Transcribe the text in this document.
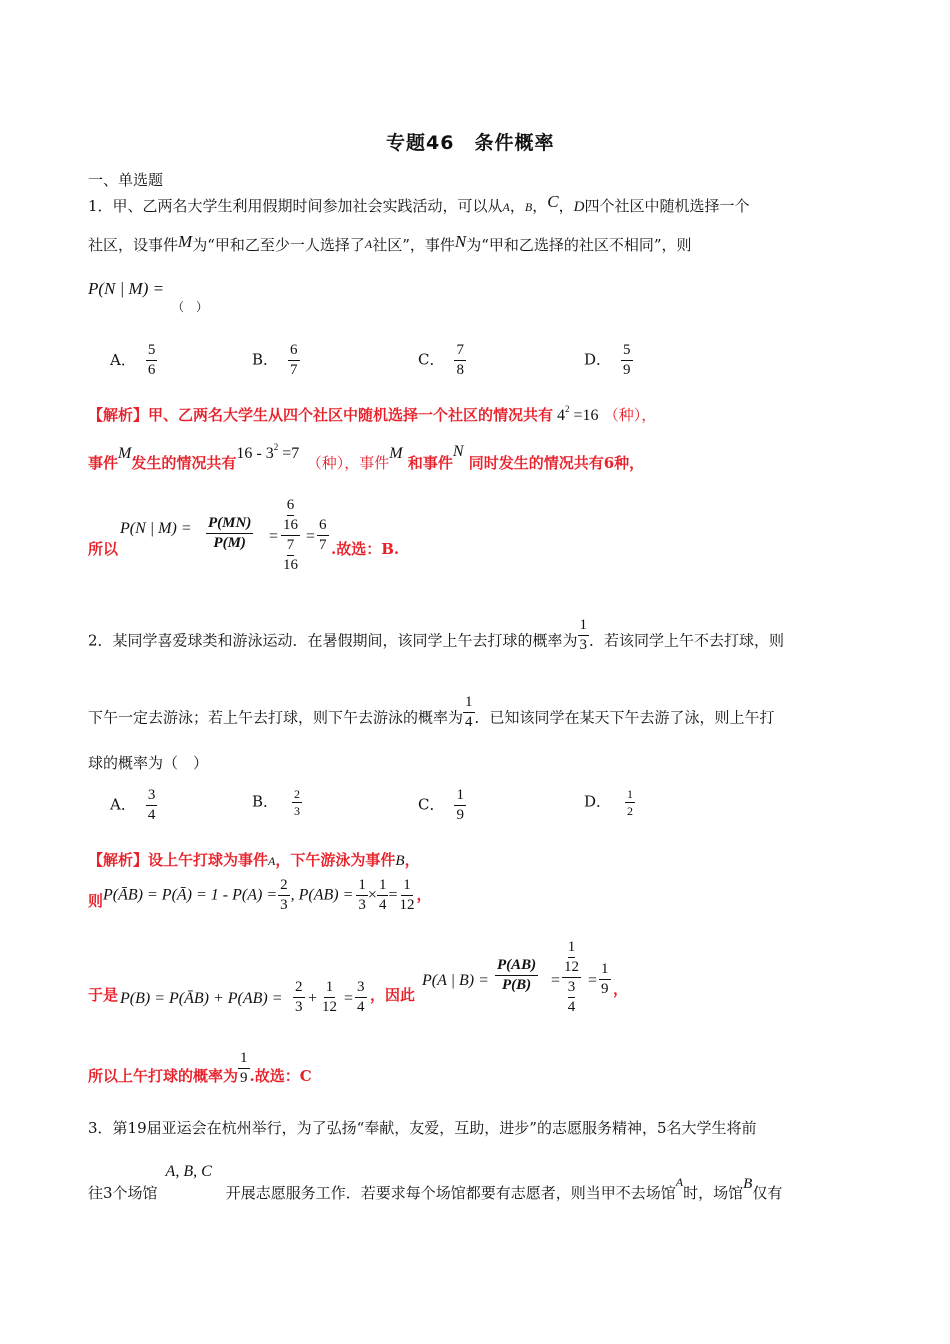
专题46　条件概率
一、单选题
1．甲、乙两名大学生利用假期时间参加社会实践活动，可以从A，B，C，D四个社区中随机选择一个
社区，设事件M为“甲和乙至少一人选择了A社区”，事件N为“甲和乙选择的社区不相同”，则
P(N | M) =
（　）
A． $\frac{5}{6}$	B． $\frac{6}{7}$	C． $\frac{7}{8}$	D． $\frac{5}{9}$
【解析】甲、乙两名大学生从四个社区中随机选择一个社区的情况共有 $4^2 =16$ （种），
事件M发生的情况共有$16 - 3^2 =7$　（种），事件M 和事件N 同时发生的情况共有6种，
所以
P(N | $M) = \frac{P(MN)}{P(M)} = 6$
16
7
$16 = \frac{6}{7}$ .故选：B.
2．某同学喜爱球类和游泳运动．在暑假期间，该同学上午去打球的概率为 $\frac{1}{3}$ ．若该同学上午不去打球，则
下午一定去游泳；若上午去打球，则下午去游泳的概率为 $\frac{1}{4}$ ．已知该同学在某天下午去游了泳，则上午打
球的概率为（　）
A． $\frac{3}{4}$	B． $\frac{2}{3}$	C． $\frac{1}{9}$	D． $\frac{1}{2}$
【解析】设上午打球为事件A，下午游泳为事件B，
则P(ĀB) = P(Ā) = $1 - P(A) = \frac{2}{3}$ , $P(AB) = \frac{1}{3} \times \frac{1}{4} = \frac{1}{12}$ ，
于是 P(B) = P(ĀB) + $P(AB) = \frac{2}{3} + \frac{1}{12} = \frac{3}{4}$ ，因此
P(A | $B) = \frac{P(AB)}{P(B)} = 1$
12
3
$4 = \frac{1}{9}$ ，
所以上午打球的概率为 $\frac{1}{9}$ .故选：C
3．第19届亚运会在杭州举行，为了弘扬“奉献，友爱，互助，进步”的志愿服务精神，5名大学生将前
往3个场馆A, B, C开展志愿服务工作．若要求每个场馆都要有志愿者，则当甲不去场馆$_A$时，场馆B仅有
